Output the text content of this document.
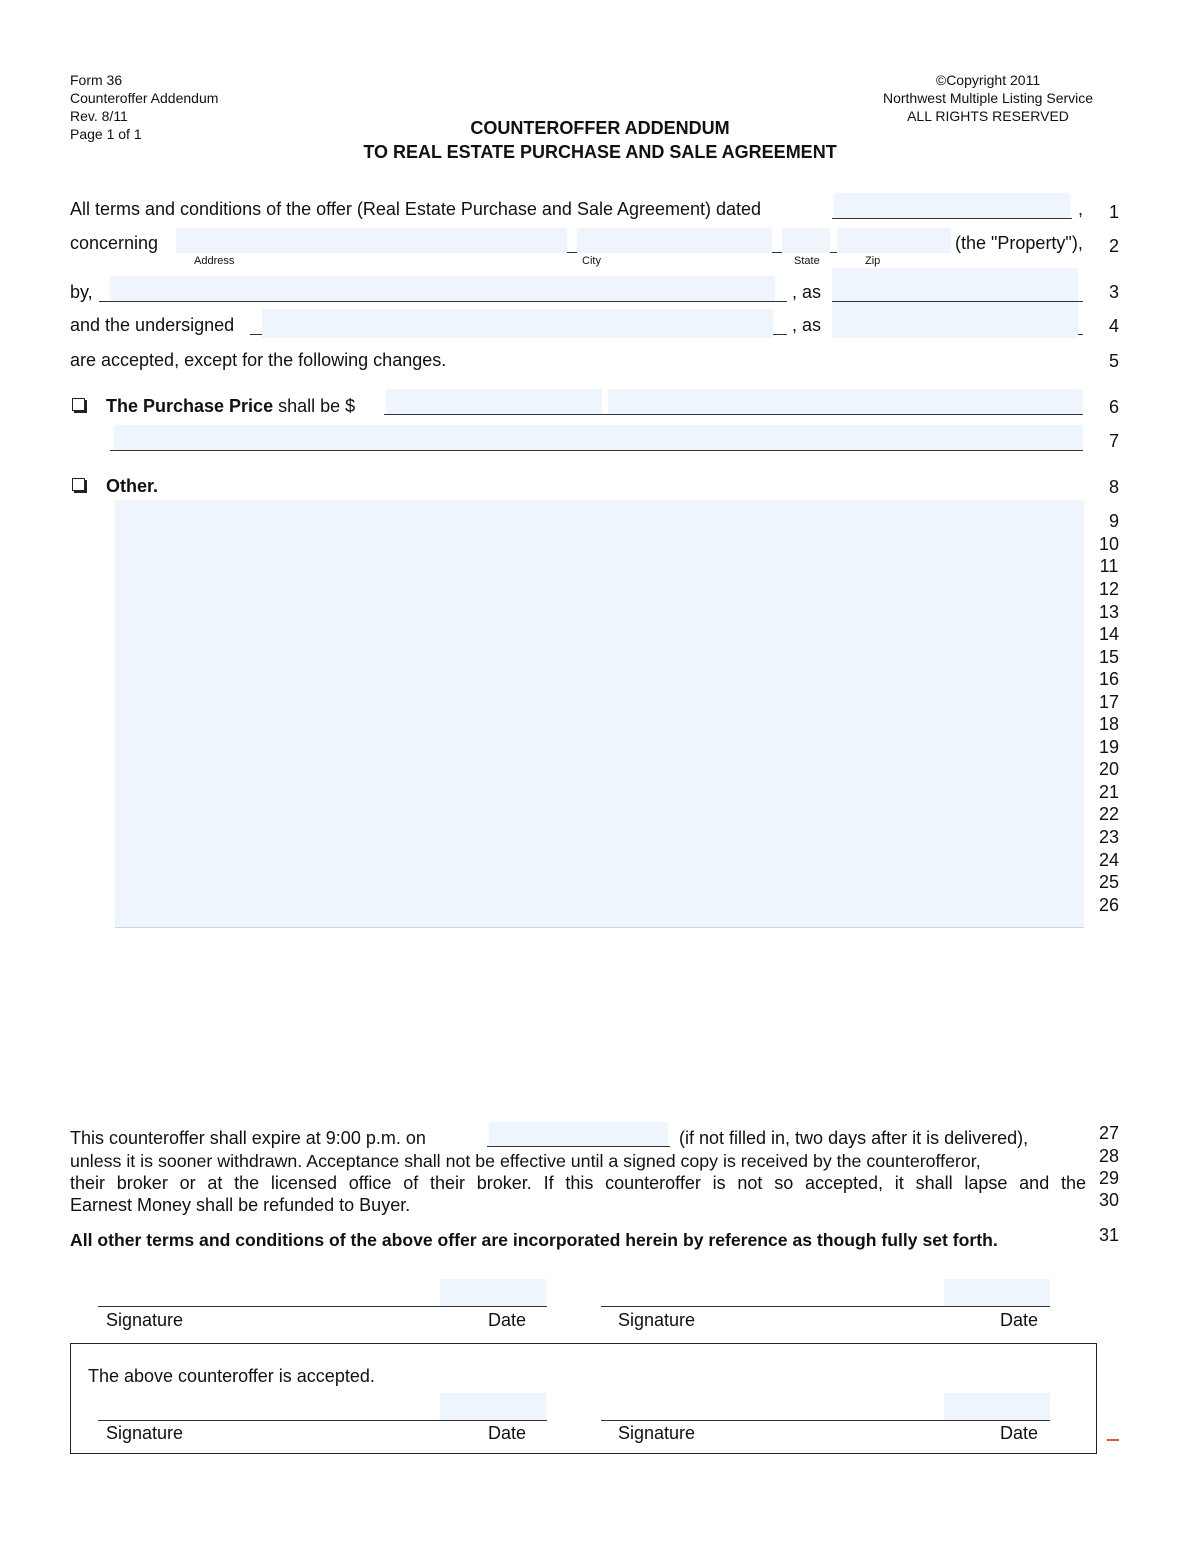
Form 36
Counteroffer Addendum
Rev. 8/11
Page 1 of 1
©Copyright 2011
Northwest Multiple Listing Service
ALL RIGHTS RESERVED
COUNTEROFFER ADDENDUM
TO REAL ESTATE PURCHASE AND SALE AGREEMENT
All terms and conditions of the offer (Real Estate Purchase and Sale Agreement) dated	,
concerning	(the "Property"),
Address	City	State	Zip
by,	, as
and the undersigned	, as
are accepted, except for the following changes.
The Purchase Price shall be $
Other.
1
2
3
4
5
6
7
8
9
10
11
12
13
14
15
16
17
18
19
20
21
22
23
24
25
26
27
28
29
30
31
This counteroffer shall expire at 9:00 p.m. on	(if not filled in, two days after it is delivered),
unless it is sooner withdrawn. Acceptance shall not be effective until a signed copy is received by the counterofferor,
their broker or at the licensed office of their broker. If this counteroffer is not so accepted, it shall lapse and the
Earnest Money shall be refunded to Buyer.
All other terms and conditions of the above offer are incorporated herein by reference as though fully set forth.
Signature	Date	Signature	Date
The above counteroffer is accepted.
Signature	Date	Signature	Date
